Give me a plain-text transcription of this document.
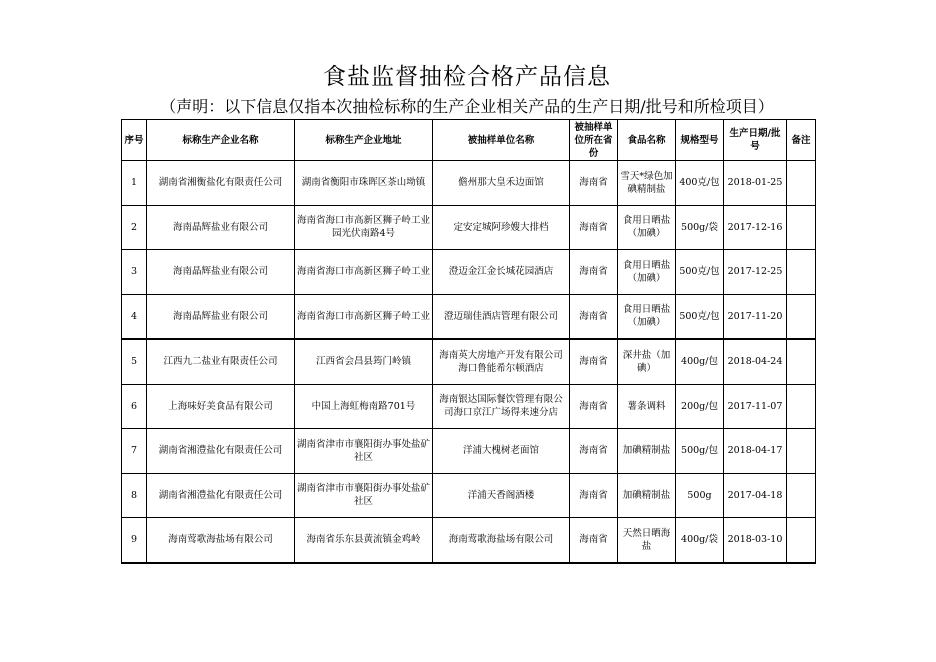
食盐监督抽检合格产品信息
（声明：以下信息仅指本次抽检标称的生产企业相关产品的生产日期/批号和所检项目）
序号	标称生产企业名称	标称生产企业地址	被抽样单位名称	被抽样单位所在省份	食品名称	规格型号	生产日期/批号	备注
1	湖南省湘衡盐化有限责任公司	湖南省衡阳市珠晖区茶山坳镇	儋州那大皇禾边面馆	海南省	雪天*绿色加碘精制盐	400克/包	2018-01-25	
2	海南晶辉盐业有限公司	海南省海口市高新区狮子岭工业园光伏南路4号	定安定城阿珍嫂大排档	海南省	食用日晒盐（加碘）	500g/袋	2017-12-16	
3	海南晶辉盐业有限公司	海南省海口市高新区狮子岭工业	澄迈金江金长城花园酒店	海南省	食用日晒盐（加碘）	500克/包	2017-12-25	
4	海南晶辉盐业有限公司	海南省海口市高新区狮子岭工业	澄迈瑞佳酒店管理有限公司	海南省	食用日晒盐（加碘）	500克/包	2017-11-20	
5	江西九二盐业有限责任公司	江西省会昌县筠门岭镇	海南英大房地产开发有限公司海口鲁能希尔顿酒店	海南省	深井盐（加碘）	400g/包	2018-04-24	
6	上海味好美食品有限公司	中国上海虹梅南路701号	海南银达国际餐饮管理有限公司海口京江广场得来速分店	海南省	薯条调料	200g/包	2017-11-07	
7	湖南省湘澧盐化有限责任公司	湖南省津市市襄阳街办事处盐矿社区	洋浦大槐树老面馆	海南省	加碘精制盐	500g/包	2018-04-17	
8	湖南省湘澧盐化有限责任公司	湖南省津市市襄阳街办事处盐矿社区	洋浦天香阁酒楼	海南省	加碘精制盐	500g	2017-04-18	
9	海南莺歌海盐场有限公司	海南省乐东县黄流镇金鸡岭	海南莺歌海盐场有限公司	海南省	天然日晒海盐	400g/袋	2018-03-10	
